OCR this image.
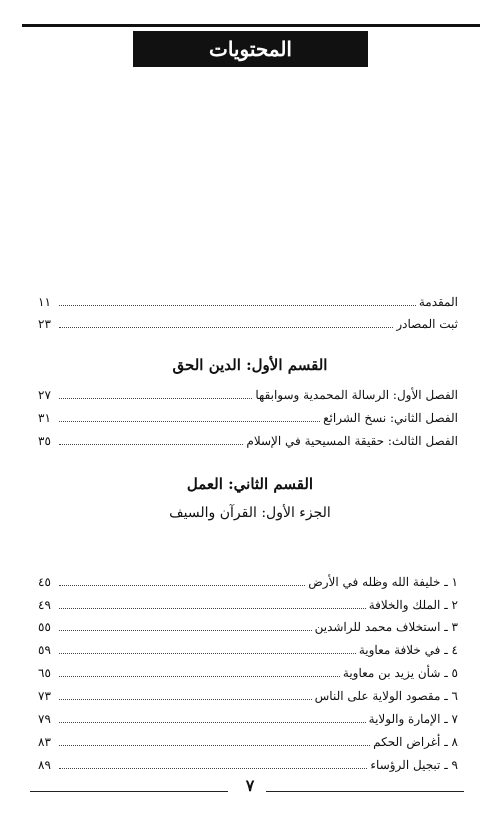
المحتويات
المقدمة
١١
ثبت المصادر
٢٣
القسم الأول: الدين الحق
الفصل الأول: الرسالة المحمدية وسوابقها
٢٧
الفصل الثاني: نسخ الشرائع
٣١
الفصل الثالث: حقيقة المسيحية في الإسلام
٣٥
القسم الثاني: العمل
الجزء الأول: القرآن والسيف
١ ـ خليفة الله وظله في الأرض
٤٥
٢ ـ الملك والخلافة
٤٩
٣ ـ استخلاف محمد للراشدين
٥٥
٤ ـ في خلافة معاوية
٥٩
٥ ـ شأن يزيد بن معاوية
٦٥
٦ ـ مقصود الولاية على الناس
٧٣
٧ ـ الإمارة والولاية
٧٩
٨ ـ أغراض الحكم
٨٣
٩ ـ تبجيل الرؤساء
٨٩
٧
